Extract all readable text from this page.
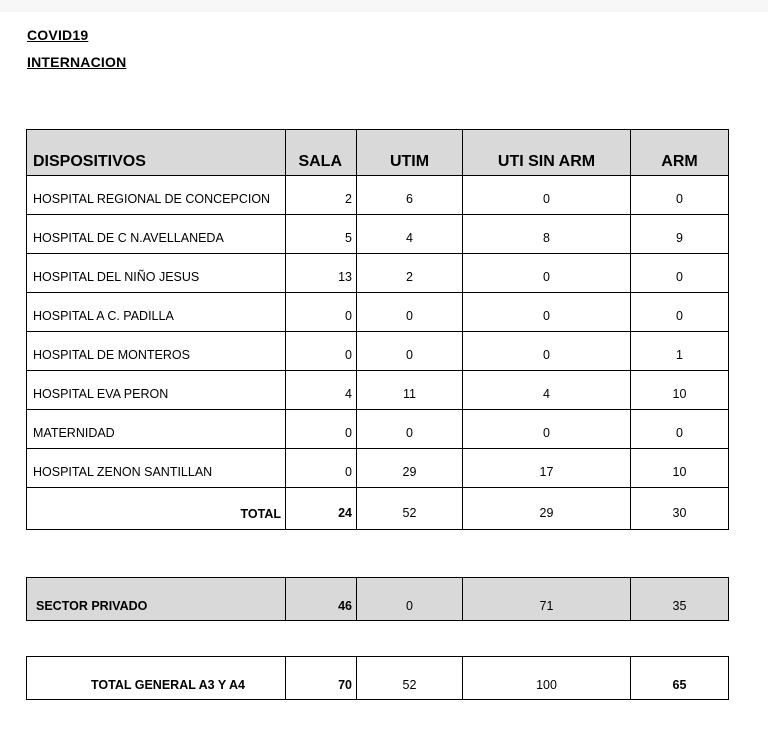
COVID19
INTERNACION
DISPOSITIVOS	SALA	UTIM	UTI SIN ARM	ARM
HOSPITAL REGIONAL DE CONCEPCION	2	6	0	0
HOSPITAL DE C N.AVELLANEDA	5	4	8	9
HOSPITAL DEL NIÑO JESUS	13	2	0	0
HOSPITAL A C. PADILLA	0	0	0	0
HOSPITAL DE MONTEROS	0	0	0	1
HOSPITAL EVA PERON	4	11	4	10
MATERNIDAD	0	0	0	0
HOSPITAL ZENON SANTILLAN	0	29	17	10
TOTAL	24	52	29	30
SECTOR PRIVADO	46	0	71	35
TOTAL GENERAL A3 Y A4	70	52	100	65
